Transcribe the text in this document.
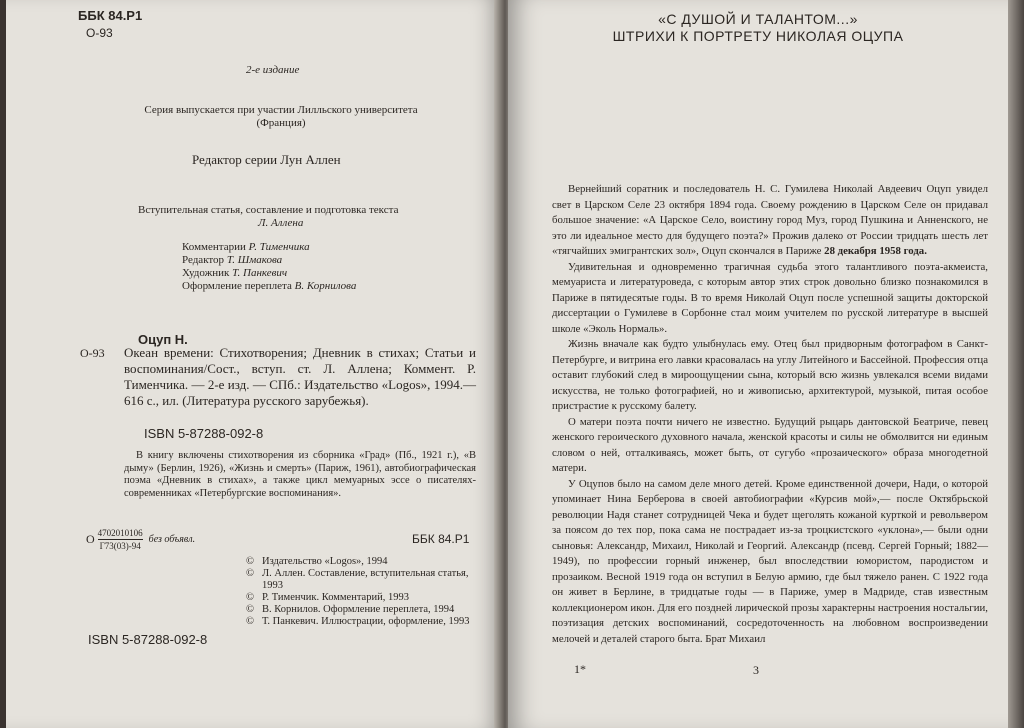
ББК 84.Р1
О-93
2-е издание
Серия выпускается при участии Лилльского университета (Франция)
Редактор серии Лун Аллен
Вступительная статья, составление и подготовка текста
Л. Аллена
Комментарии Р. Тименчика
Редактор Т. Шмакова
Художник Т. Панкевич
Оформление переплета В. Корнилова
Оцуп Н.
О-93 Океан времени: Стихотворения; Дневник в стихах; Статьи и воспоминания/Сост., вступ. ст. Л. Аллена; Коммент. Р. Тименчика. — 2-е изд. — СПб.: Издательство «Logos», 1994.— 616 с., ил. (Литература русского зарубежья).
ISBN 5-87288-092-8
В книгу включены стихотворения из сборника «Град» (Пб., 1921 г.), «В дыму» (Берлин, 1926), «Жизнь и смерть» (Париж, 1961), автобиографическая поэма «Дневник в стихах», а также цикл мемуарных эссе о писателях-современниках «Петербургские воспоминания».
О 4702010106
Г73(03)-94
без объявл.	ББК 84.Р1
© Издательство «Logos», 1994
© Л. Аллен. Составление, вступительная статья, 1993
© Р. Тименчик. Комментарий, 1993
© В. Корнилов. Оформление переплета, 1994
© Т. Панкевич. Иллюстрации, оформление, 1993
ISBN 5-87288-092-8
«С ДУШОЙ И ТАЛАНТОМ...»
ШТРИХИ К ПОРТРЕТУ НИКОЛАЯ ОЦУПА

Вернейший соратник и последователь Н. С. Гумилева Николай Авдеевич Оцуп увидел свет в Царском Селе 23 октября 1894 года. Своему рождению в Царском Селе он придавал большое значение: «А Царское Село, воистину город Муз, город Пушкина и Анненского, не это ли идеальное место для будущего поэта?» Прожив далеко от России тридцать шесть лет «тягчайших эмигрантских зол», Оцуп скончался в Париже 28 декабря 1958 года.

Удивительная и одновременно трагичная судьба этого талантливого поэта-акмеиста, мемуариста и литературоведа, с которым автор этих строк довольно близко познакомился в Париже в пятидесятые годы. В то время Николай Оцуп после успешной защиты докторской диссертации о Гумилеве в Сорбонне стал моим учителем по русской литературе в высшей школе «Эколь Нормаль».

Жизнь вначале как будто улыбнулась ему. Отец был придворным фотографом в Санкт-Петербурге, и витрина его лавки красовалась на углу Литейного и Бассейной. Профессия отца оставит глубокий след в мироощущении сына, который всю жизнь увлекался всеми видами искусства, не только фотографией, но и живописью, архитектурой, музыкой, питая особое пристрастие к русскому балету.

О матери поэта почти ничего не известно. Будущий рыцарь дантовской Беатриче, певец женского героического духовного начала, женской красоты и силы не обмолвится ни единым словом о ней, отталкиваясь, может быть, от сугубо «прозаического» образа многодетной матери.

У Оцупов было на самом деле много детей. Кроме единственной дочери, Нади, о которой упоминает Нина Берберова в своей автобиографии «Курсив мой»,— после Октябрьской революции Надя станет сотрудницей Чека и будет щеголять кожаной курткой и револьвером за поясом до тех пор, пока сама не пострадает из-за троцкистского «уклона»,— были одни сыновья: Александр, Михаил, Николай и Георгий. Александр (псевд. Сергей Горный; 1882—1949), по профессии горный инженер, был впоследствии юмористом, пародистом и прозаиком. Весной 1919 года он вступил в Белую армию, где был тяжело ранен. С 1922 года он живет в Берлине, в тридцатые годы — в Париже, умер в Мадриде, став известным коллекционером икон. Для его поздней лирической прозы характерны настроения ностальгии, поэтизация детских воспоминаний, сосредоточенность на любовном воспроизведении мелочей и деталей старого быта. Брат Михаил

1*	3
